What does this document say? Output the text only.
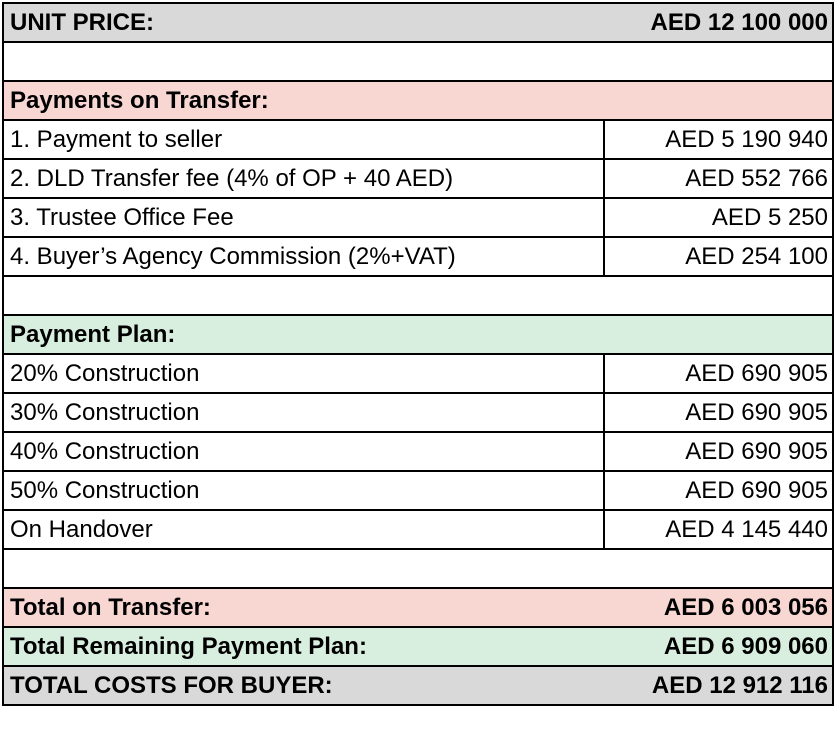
UNIT PRICE:	AED 12 100 000

Payments on Transfer:	
1. Payment to seller	AED 5 190 940
2. DLD Transfer fee (4% of OP + 40 AED)	AED 552 766
3. Trustee Office Fee	AED 5 250
4. Buyer’s Agency Commission (2%+VAT)	AED 254 100

Payment Plan:	
20% Construction	AED 690 905
30% Construction	AED 690 905
40% Construction	AED 690 905
50% Construction	AED 690 905
On Handover	AED 4 145 440

Total on Transfer:	AED 6 003 056
Total Remaining Payment Plan:	AED 6 909 060
TOTAL COSTS FOR BUYER:	AED 12 912 116
